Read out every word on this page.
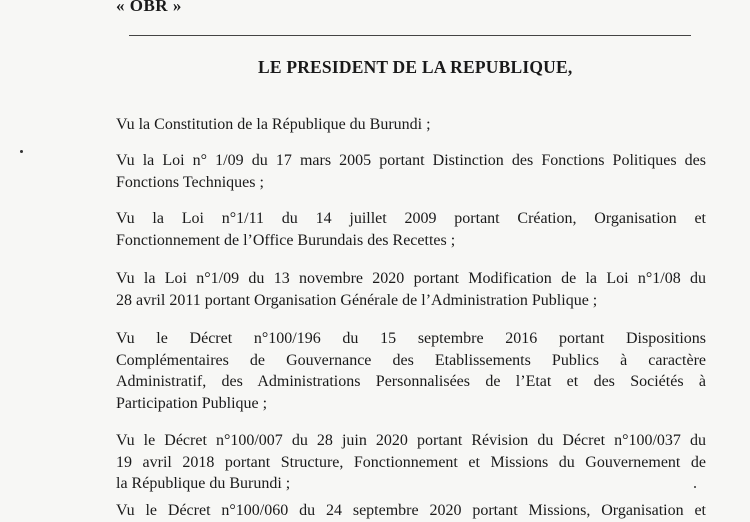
« OBR »
LE PRESIDENT DE LA REPUBLIQUE,
Vu la Constitution de la République du Burundi ;
Vu la Loi n° 1/09 du 17 mars 2005 portant Distinction des Fonctions Politiques des
Fonctions Techniques ;
Vu la Loi n°1/11 du 14 juillet 2009 portant Création, Organisation et
Fonctionnement de l’Office Burundais des Recettes ;
Vu la Loi n°1/09 du 13 novembre 2020 portant Modification de la Loi n°1/08 du
28 avril 2011 portant Organisation Générale de l’Administration Publique ;
Vu le Décret n°100/196 du 15 septembre 2016 portant Dispositions
Complémentaires de Gouvernance des Etablissements Publics à caractère
Administratif, des Administrations Personnalisées de l’Etat et des Sociétés à
Participation Publique ;
Vu le Décret n°100/007 du 28 juin 2020 portant Révision du Décret n°100/037 du
19 avril 2018 portant Structure, Fonctionnement et Missions du Gouvernement de
la République du Burundi ;
Vu le Décret n°100/060 du 24 septembre 2020 portant Missions, Organisation et
